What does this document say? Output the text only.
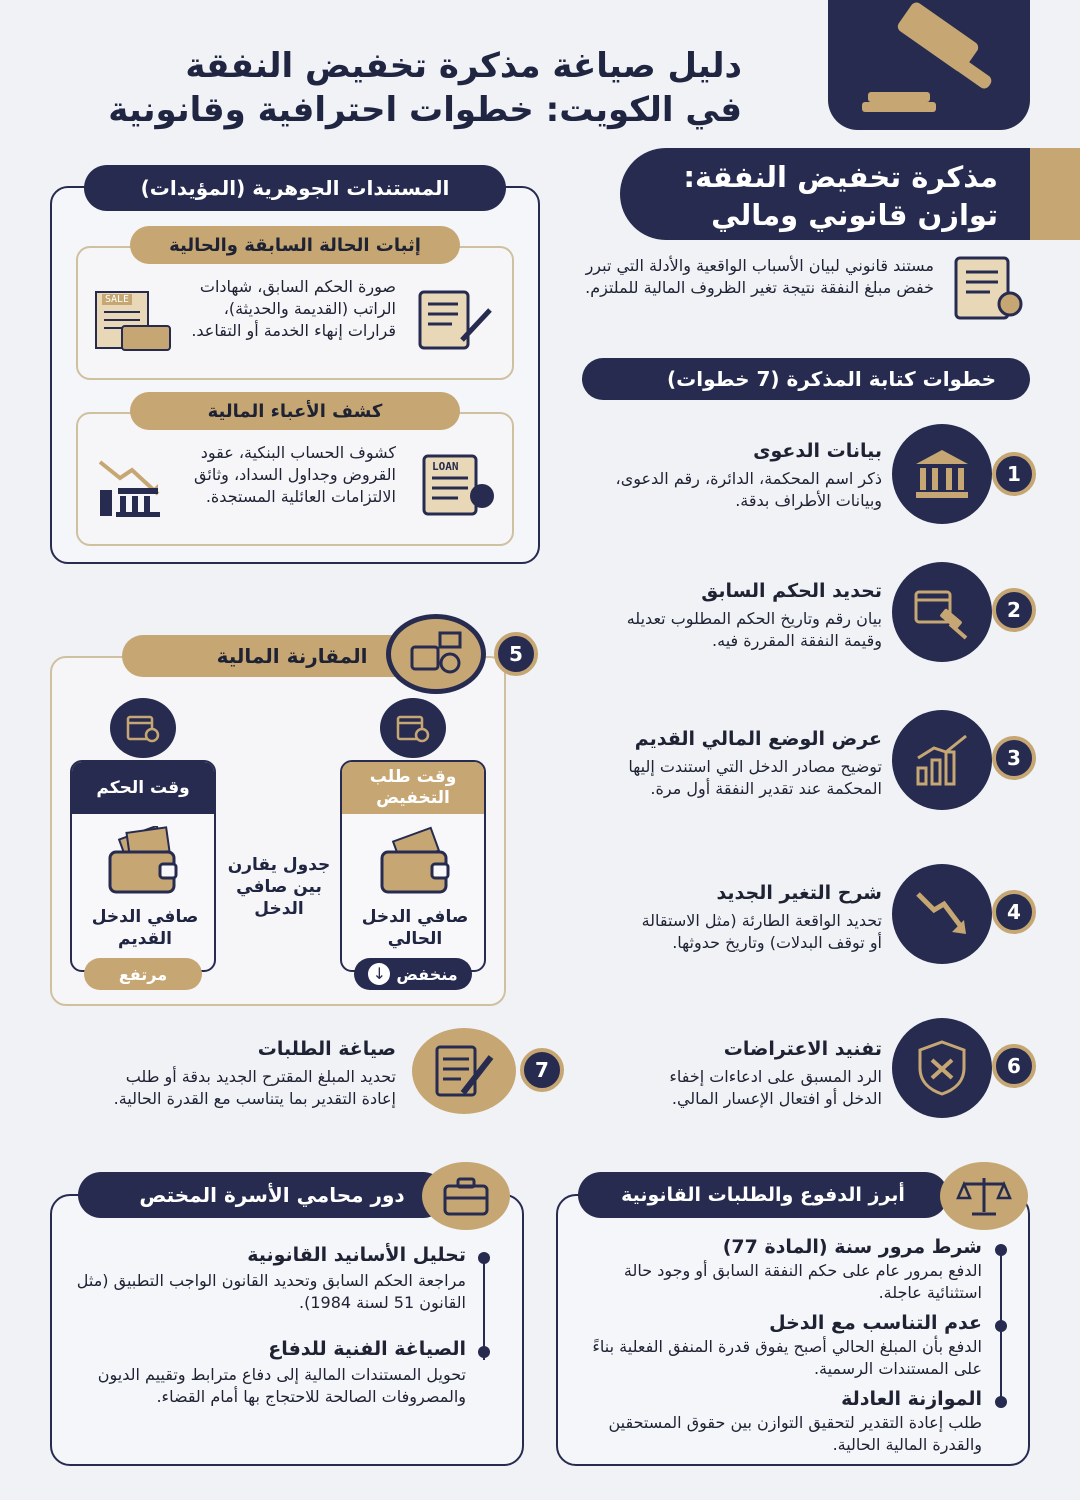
دليل صياغة مذكرة تخفيض النفقة
في الكويت: خطوات احترافية وقانونية
مذكرة تخفيض النفقة:
توازن قانوني ومالي
مستند قانوني لبيان الأسباب الواقعية والأدلة التي تبرر خفض مبلغ النفقة نتيجة تغير الظروف المالية للملتزم.
المستندات الجوهرية (المؤيدات)
إثبات الحالة السابقة والحالية
صورة الحكم السابق، شهادات الراتب (القديمة والحديثة)، قرارات إنهاء الخدمة أو التقاعد.
SALE
كشف الأعباء المالية
LOAN
كشوف الحساب البنكية، عقود القروض وجداول السداد، وثائق الالتزامات العائلية المستجدة.
خطوات كتابة المذكرة (7 خطوات)
1
بيانات الدعوى
ذكر اسم المحكمة، الدائرة، رقم الدعوى، وبيانات الأطراف بدقة.
2
تحديد الحكم السابق
بيان رقم وتاريخ الحكم المطلوب تعديله وقيمة النفقة المقررة فيه.
3
عرض الوضع المالي القديم
توضيح مصادر الدخل التي استندت إليها المحكمة عند تقدير النفقة أول مرة.
4
شرح التغير الجديد
تحديد الواقعة الطارئة (مثل الاستقالة أو توقف البدلات) وتاريخ حدوثها.
المقارنة المالية	5
وقت طلب التخفيض
صافي الدخل الحالي
منخفض
↓
جدول يقارن بين صافي الدخل
وقت الحكم
صافي الدخل القديم
مرتفع
6
تفنيد الاعتراضات
الرد المسبق على ادعاءات إخفاء الدخل أو افتعال الإعسار المالي.
7
صياغة الطلبات
تحديد المبلغ المقترح الجديد بدقة أو طلب إعادة التقدير بما يتناسب مع القدرة الحالية.
دور محامي الأسرة المختص
تحليل الأسانيد القانونية
مراجعة الحكم السابق وتحديد القانون الواجب التطبيق (مثل القانون 51 لسنة 1984).
الصياغة الفنية للدفاع
تحويل المستندات المالية إلى دفاع مترابط وتقييم الديون والمصروفات الصالحة للاحتجاج بها أمام القضاء.
أبرز الدفوع والطلبات القانونية
شرط مرور سنة (المادة 77)
الدفع بمرور عام على حكم النفقة السابق أو وجود حالة استثنائية عاجلة.
عدم التناسب مع الدخل
الدفع بأن المبلغ الحالي أصبح يفوق قدرة المنفق الفعلية بناءً على المستندات الرسمية.
الموازنة العادلة
طلب إعادة التقدير لتحقيق التوازن بين حقوق المستحقين والقدرة المالية الحالية.
